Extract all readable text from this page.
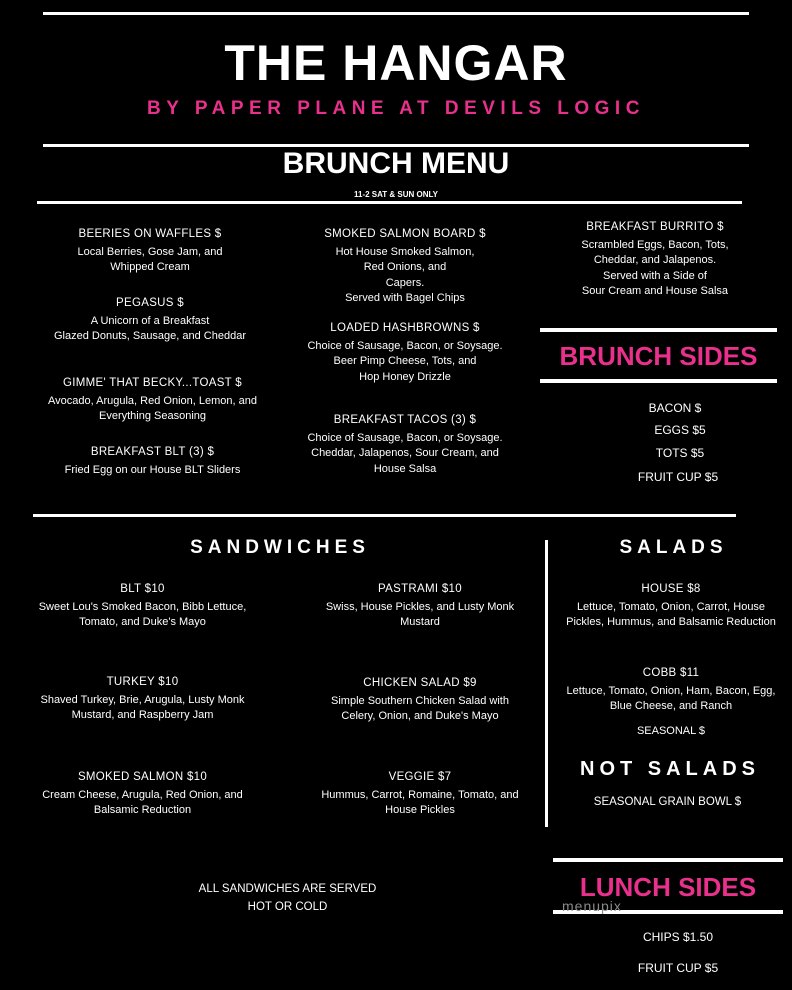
THE HANGAR
BY PAPER PLANE AT DEVILS LOGIC
BRUNCH MENU
11-2 SAT & SUN ONLY
BEERIES ON WAFFLES $
Local Berries, Gose Jam, and
Whipped Cream
PEGASUS $
A Unicorn of a Breakfast
Glazed Donuts, Sausage, and Cheddar
GIMME' THAT BECKY...TOAST $
Avocado, Arugula, Red Onion, Lemon, and
Everything Seasoning
BREAKFAST BLT (3) $
Fried Egg on our House BLT Sliders
SMOKED SALMON BOARD $
Hot House Smoked Salmon,
Red Onions, and
Capers.
Served with Bagel Chips
LOADED HASHBROWNS $
Choice of Sausage, Bacon, or Soysage.
Beer Pimp Cheese, Tots, and
Hop Honey Drizzle
BREAKFAST TACOS (3) $
Choice of Sausage, Bacon, or Soysage.
Cheddar, Jalapenos, Sour Cream, and
House Salsa
BREAKFAST BURRITO $
Scrambled Eggs, Bacon, Tots,
Cheddar, and Jalapenos.
Served with a Side of
Sour Cream and House Salsa
BRUNCH SIDES
BACON $
EGGS $5
TOTS $5
FRUIT CUP $5
SANDWICHES
BLT $10
Sweet Lou's Smoked Bacon, Bibb Lettuce,
Tomato, and Duke's Mayo
TURKEY $10
Shaved Turkey, Brie, Arugula, Lusty Monk
Mustard, and Raspberry Jam
SMOKED SALMON $10
Cream Cheese, Arugula, Red Onion, and
Balsamic Reduction
PASTRAMI $10
Swiss, House Pickles, and Lusty Monk
Mustard
CHICKEN SALAD $9
Simple Southern Chicken Salad with
Celery, Onion, and Duke's Mayo
VEGGIE $7
Hummus, Carrot, Romaine, Tomato, and
House Pickles
ALL SANDWICHES ARE SERVED
HOT OR COLD
SALADS
HOUSE $8
Lettuce, Tomato, Onion, Carrot, House
Pickles, Hummus, and Balsamic Reduction
COBB $11
Lettuce, Tomato, Onion, Ham, Bacon, Egg,
Blue Cheese, and Ranch
SEASONAL $
NOT SALADS
SEASONAL GRAIN BOWL $
LUNCH SIDES
menupix
CHIPS $1.50
FRUIT CUP $5
